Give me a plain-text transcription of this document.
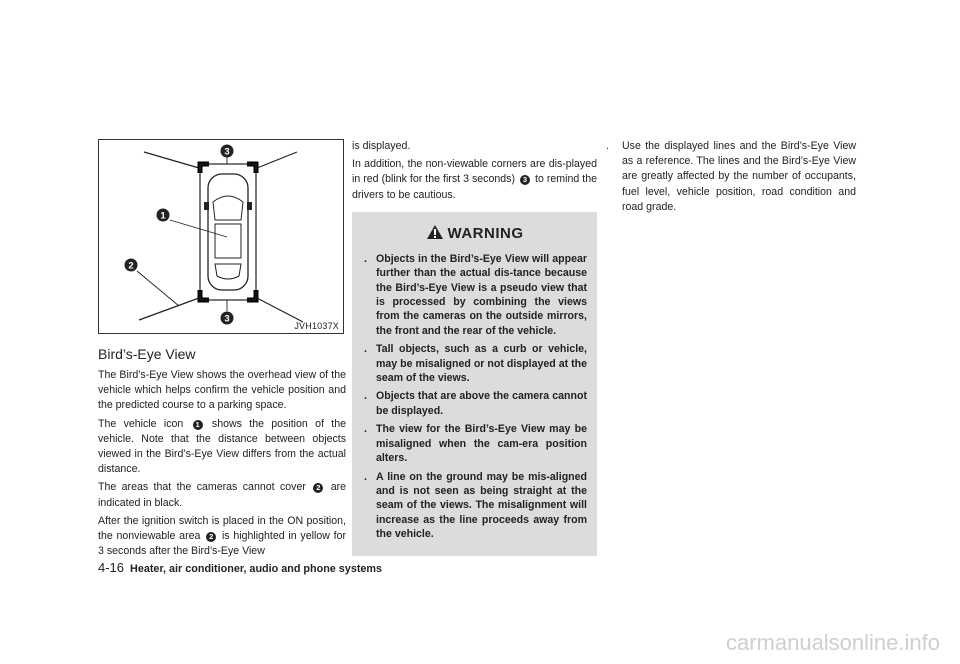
3
1
2
3
JVH1037X
Bird’s-Eye View

The Bird’s-Eye View shows the overhead view of the vehicle which helps confirm the vehicle position and the predicted course to a parking space.

The vehicle icon 1 shows the position of the vehicle. Note that the distance between objects viewed in the Bird’s-Eye View differs from the actual distance.

The areas that the cameras cannot cover 2 are indicated in black.

After the ignition switch is placed in the ON position, the nonviewable area 2 is highlighted in yellow for 3 seconds after the Bird’s-Eye View

is displayed.

In addition, the non-viewable corners are dis-played in red (blink for the first 3 seconds) 3 to remind the drivers to be cautious.

WARNING
. Objects in the Bird’s-Eye View will appear further than the actual dis-tance because the Bird’s-Eye View is a pseudo view that is processed by combining the views from the cameras on the outside mirrors, the front and the rear of the vehicle.
. Tall objects, such as a curb or vehicle, may be misaligned or not displayed at the seam of the views.
. Objects that are above the camera cannot be displayed.
. The view for the Bird’s-Eye View may be misaligned when the cam-era position alters.
. A line on the ground may be mis-aligned and is not seen as being straight at the seam of the views. The misalignment will increase as the line proceeds away from the vehicle.
.	Use the displayed lines and the Bird’s-Eye View as a reference. The lines and the Bird’s-Eye View are greatly affected by the number of occupants, fuel level, vehicle position, road condition and road grade.
4-16 Heater, air conditioner, audio and phone systems
carmanualsonline.info
